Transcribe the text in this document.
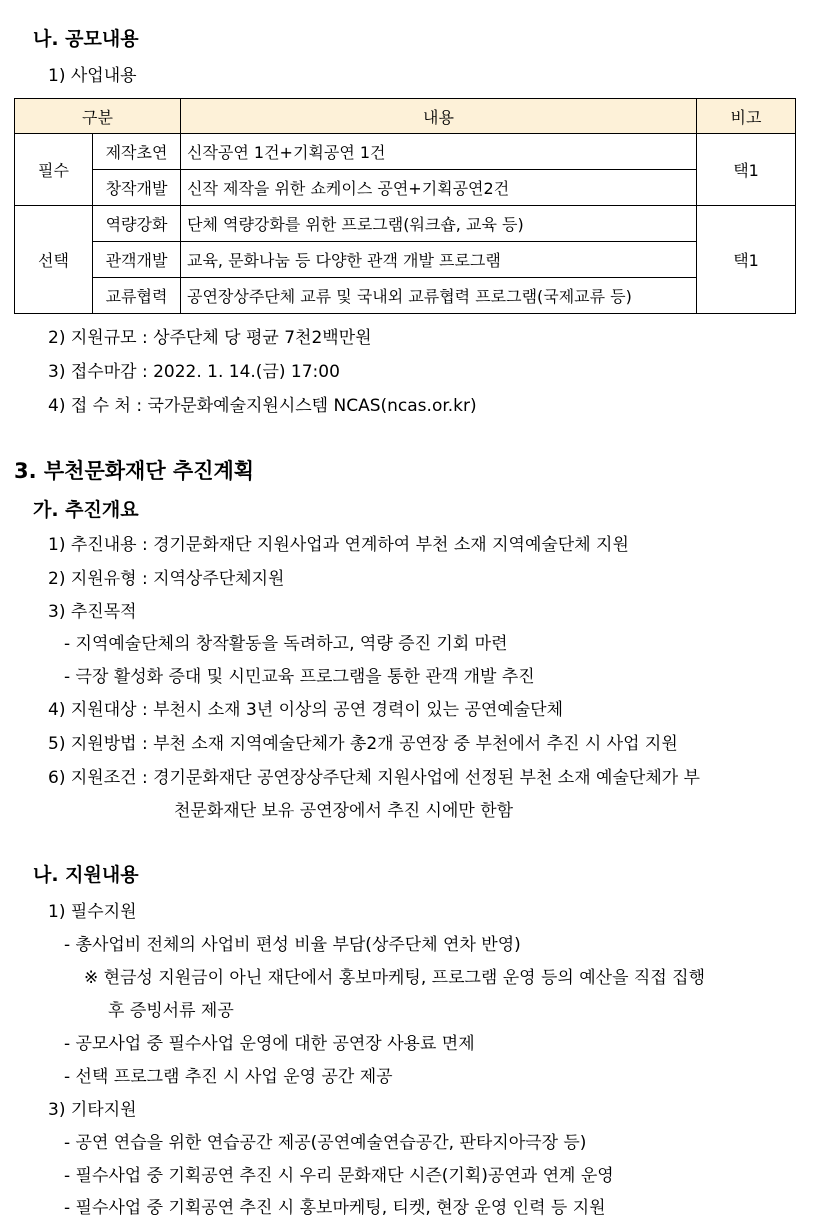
나. 공모내용
1) 사업내용
구분		내용	비고
필수	제작초연	신작공연 1건+기획공연 1건	택1
	창작개발	신작 제작을 위한 쇼케이스 공연+기획공연2건	
선택	역량강화	단체 역량강화를 위한 프로그램(워크숍, 교육 등)	택1
	관객개발	교육, 문화나눔 등 다양한 관객 개발 프로그램	
	교류협력	공연장상주단체 교류 및 국내외 교류협력 프로그램(국제교류 등)	
2) 지원규모 : 상주단체 당 평균 7천2백만원
3) 접수마감 : 2022. 1. 14.(금) 17:00
4) 접 수 처 : 국가문화예술지원시스템 NCAS(ncas.or.kr)
3. 부천문화재단 추진계획
가. 추진개요
1) 추진내용 : 경기문화재단 지원사업과 연계하여 부천 소재 지역예술단체 지원
2) 지원유형 : 지역상주단체지원
3) 추진목적
- 지역예술단체의 창작활동을 독려하고, 역량 증진 기회 마련
- 극장 활성화 증대 및 시민교육 프로그램을 통한 관객 개발 추진
4) 지원대상 : 부천시 소재 3년 이상의 공연 경력이 있는 공연예술단체
5) 지원방법 : 부천 소재 지역예술단체가 총2개 공연장 중 부천에서 추진 시 사업 지원
6) 지원조건 : 경기문화재단 공연장상주단체 지원사업에 선정된 부천 소재 예술단체가 부
천문화재단 보유 공연장에서 추진 시에만 한함
나. 지원내용
1) 필수지원
- 총사업비 전체의 사업비 편성 비율 부담(상주단체 연차 반영)
※ 현금성 지원금이 아닌 재단에서 홍보마케팅, 프로그램 운영 등의 예산을 직접 집행
후 증빙서류 제공
- 공모사업 중 필수사업 운영에 대한 공연장 사용료 면제
- 선택 프로그램 추진 시 사업 운영 공간 제공
3) 기타지원
- 공연 연습을 위한 연습공간 제공(공연예술연습공간, 판타지아극장 등)
- 필수사업 중 기획공연 추진 시 우리 문화재단 시즌(기획)공연과 연계 운영
- 필수사업 중 기획공연 추진 시 홍보마케팅, 티켓, 현장 운영 인력 등 지원
